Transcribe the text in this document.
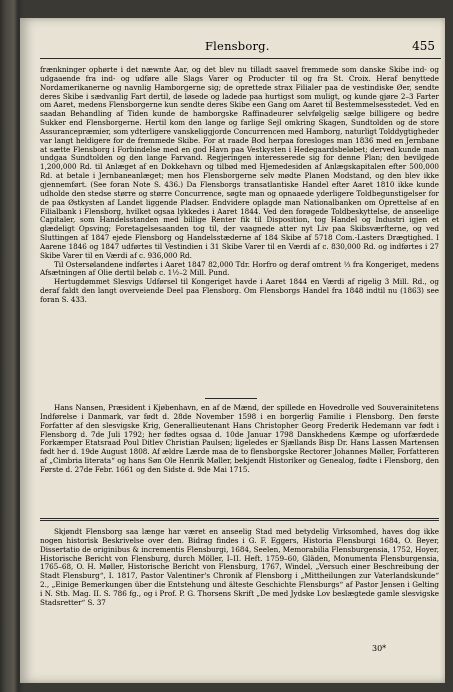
Flensborg.	455
frænkninger ophørte i det næwnte Aar, og det blev nu tilladt saavel fremmede som danske Skibe ind- og udgaaende fra ind- og udføre alle Slags Varer og Producter til og fra St. Croix. Heraf benyttede Nordamerikanerne og navnlig Hamborgerne sig; de oprettede strax Filialer paa de vestindiske Øer, sendte deres Skibe i sædvanlig Fart dertil, de løsede og ladede paa hurtigst som muligt, og kunde gjøre 2–3 Farter om Aaret, medens Flensborgerne kun sendte deres Skibe een Gang om Aaret til Bestemmelsesstedet. Ved en saadan Behandling af Tiden kunde de hamborgske Raffinadeurer selvfølgelig sælge billigere og bedre Sukker end Flensborgerne. Hertil kom den lange og farlige Sejl omkring Skagen, Sundtolden og de store Assurancepræmier, som ydterligere vanskeliggjorde Concurrencen med Hamborg, naturligt Tolddygtigheder var langt heldigere for de fremmede Skibe. For at raade Bod herpaa foresloges man 1836 med en Jernbane at sætte Flensborg i Forbindelse med en god Havn paa Vestkysten i Hedegaardsbeløbet; derved kunde man undgaa Sundtolden og den lange Farvand. Regjeringen interesserede sig for denne Plan; den bevilgede 1,200,000 Rd. til Anlæget af en Dokkehavn og tilbød med Hjemedesiden af Anlægskapitalen efter 500,000 Rd. at betale i Jernbaneanlæget; men hos Flensborgerne selv mødte Planen Modstand, og den blev ikke gjennemført. (See foran Note S. 436.) Da Flensborgs transatlantiske Handel efter Aaret 1810 ikke kunde udholde den stedse større og større Concurrence, søgte man og opnaaede yderligere Toldbegunstigelser for de paa Østkysten af Landet liggende Pladser. Endvidere oplagde man Nationalbanken om Oprettelse af en Filialbank i Flensborg, hvilket ogsaa lykkedes i Aaret 1844. Ved den forøgede Toldbeskyttelse, de anseelige Capitaler, som Handelsstanden med billige Renter fik til Disposition, tog Handel og Industri igjen et glædeligt Opsving; Foretagelsesaanden tog til, der vaagnede atter nyt Liv paa Skibsværfterne, og ved Sluttingen af 1847 ejede Flensborg og Handelsstæderne af 184 Skibe af 5718 Com.-Lasters Drægtighed. I Aarene 1846 og 1847 udførtes til Vestindien i 31 Skibe Varer til en Værdi af c. 830,000 Rd. og indførtes i 27 Skibe Varer til en Værdi af c. 936,000 Rd.
Til Ostersølandene indførtes i Aaret 1847 82,000 Tdr. Horfro og deraf omtrent ⅓ fra Kongeriget, medens Afsætningen af Olie dertil beløb c. 1½–2 Mill. Pund.
Hertugdømmet Slesvigs Udførsel til Kongeriget havde i Aaret 1844 en Værdi af rigelig 3 Mill. Rd., og deraf faldt den langt overveiende Deel paa Flensborg. Om Flensborgs Handel fra 1848 indtil nu (1863) see foran S. 433.
Hans Nansen, Præsident i Kjøbenhavn, en af de Mænd, der spillede en Hovedrolle ved Souverainitetens Indførelse i Danmark, var født d. 28de November 1598 i en borgerlig Familie i Flensborg. Den første Forfatter af den slesvigske Krig, Generallieutenant Hans Christopher Georg Frederik Hedemann var født i Flensborg d. 7de Juli 1792; her fødtes ogsaa d. 10de Januar 1798 Danskhedens Kæmpe og uforfærdede Forkæmper Etatsraad Poul Ditlev Christian Paulsen; ligeledes er Sjællands Bisp Dr. Hans Lassen Martensen født her d. 19de August 1808. Af ældre Lærde maa de to flensborgske Rectorer Johannes Møller, Forfatteren af „Cimbria literata“ og hans Søn Ole Henrik Møller, bekjendt Historiker og Genealog, fødte i Flensborg, den Første d. 27de Febr. 1661 og den Sidste d. 9de Mai 1715.
Skjøndt Flensborg saa længe har været en anseelig Stad med betydelig Virksomhed, haves dog ikke nogen historisk Beskrivelse over den. Bidrag findes i G. F. Eggers, Historia Flensburgi 1684, O. Beyer, Dissertatio de originibus & incrementis Flensburgi, 1684, Seelen, Memorabilia Flensburgensia, 1752, Hoyer, Historische Bericht von Flensburg, durch Möller, I–II. Heft. 1759–60, Gläden, Monumenta Flensburgensia, 1765–68, O. H. Møller, Historische Bericht von Flensburg, 1767, Windel, „Versuch einer Beschreibung der Stadt Flensburg“, I. 1817, Pastor Valentiner's Chronik af Flensborg i „Mittheilungen zur Vaterlandskunde“ 2., „Einige Bemerkungen über die Entstehung und älteste Geschichte Flensburgs“ af Pastor Jensen i Gelting i N. Stb. Mag. II. S. 786 fg., og i Prof. P. G. Thorsens Skrift „De med Jydske Lov beslægtede gamle slesvigske Stadsretter“ S. 37
30*
